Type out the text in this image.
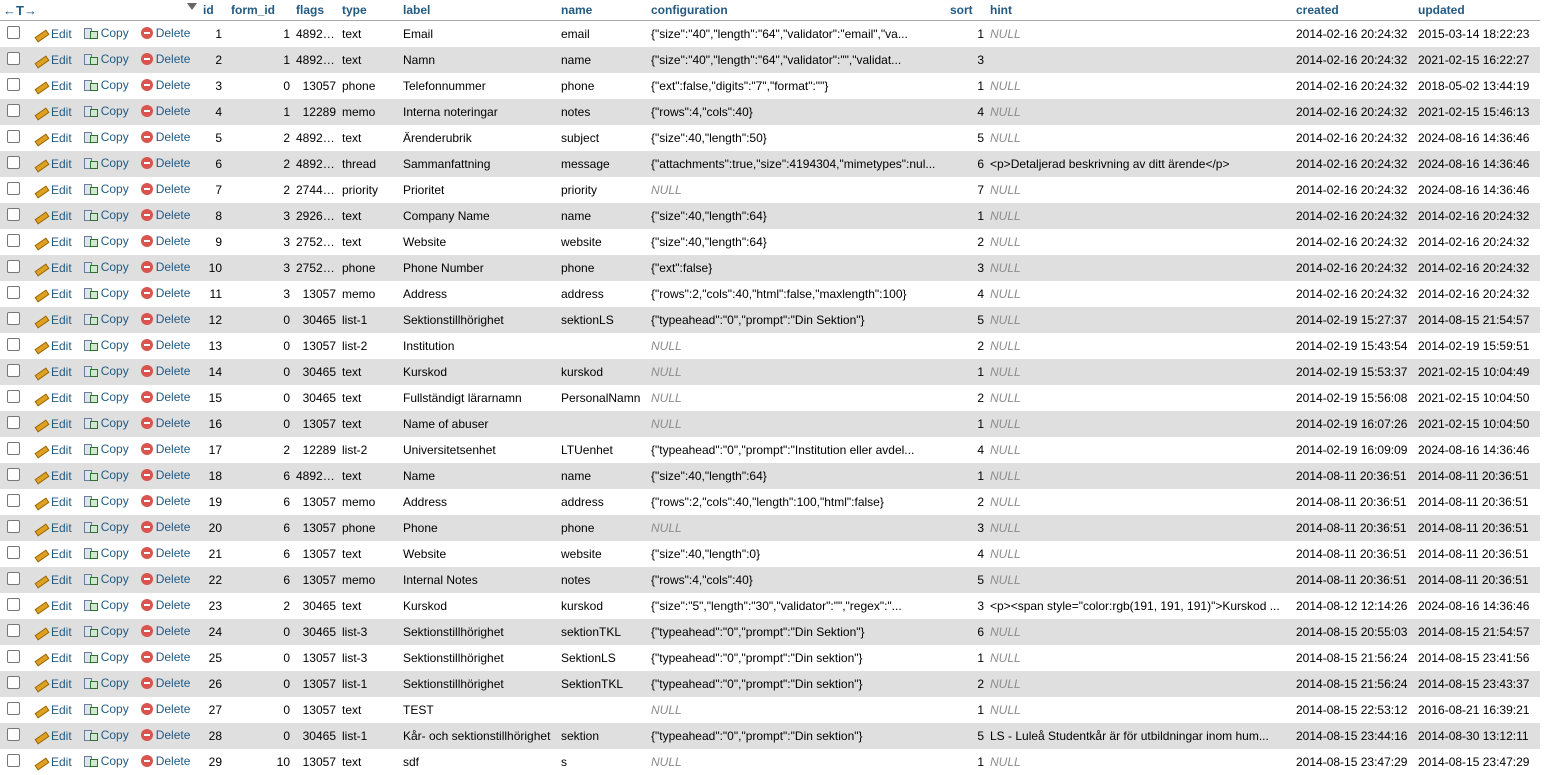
←T→	id	form_id	flags	type	label	name	configuration	sort	hint	created	updated

Edit Copy Delete	1	1	489267	text	Email	email	{"size":"40","length":"64","validator":"email","va...	1	NULL	2014-02-16 20:24:32	2015-03-14 18:22:23

Edit Copy Delete	2	1	489267	text	Namn	name	{"size":"40","length":"64","validator":"","validat...	3		2014-02-16 20:24:32	2021-02-15 16:22:27

Edit Copy Delete	3	0	13057	phone	Telefonnummer	phone	{"ext":false,"digits":"7","format":""}	1	NULL	2014-02-16 20:24:32	2018-05-02 13:44:19

Edit Copy Delete	4	1	12289	memo	Interna noteringar	notes	{"rows":4,"cols":40}	4	NULL	2014-02-16 20:24:32	2021-02-15 15:46:13

Edit Copy Delete	5	2	489265	text	Ärenderubrik	subject	{"size":40,"length":50}	5	NULL	2014-02-16 20:24:32	2024-08-16 14:36:46

Edit Copy Delete	6	2	489251	thread	Sammanfattning	message	{"attachments":true,"size":4194304,"mimetypes":nul...	6	<p>Detaljerad beskrivning av ditt ärende</p>	2014-02-16 20:24:32	2024-08-16 14:36:46

Edit Copy Delete	7	2	274465	priority	Prioritet	priority	NULL	7	NULL	2014-02-16 20:24:32	2024-08-16 14:36:46

Edit Copy Delete	8	3	292657	text	Company Name	name	{"size":40,"length":64}	1	NULL	2014-02-16 20:24:32	2014-02-16 20:24:32

Edit Copy Delete	9	3	275217	text	Website	website	{"size":40,"length":64}	2	NULL	2014-02-16 20:24:32	2014-02-16 20:24:32

Edit Copy Delete	10	3	275217	phone	Phone Number	phone	{"ext":false}	3	NULL	2014-02-16 20:24:32	2014-02-16 20:24:32

Edit Copy Delete	11	3	13057	memo	Address	address	{"rows":2,"cols":40,"html":false,"maxlength":100}	4	NULL	2014-02-16 20:24:32	2014-02-16 20:24:32

Edit Copy Delete	12	0	30465	list-1	Sektionstillhörighet	sektionLS	{"typeahead":"0","prompt":"Din Sektion"}	5	NULL	2014-02-19 15:27:37	2014-08-15 21:54:57

Edit Copy Delete	13	0	13057	list-2	Institution		NULL	2	NULL	2014-02-19 15:43:54	2014-02-19 15:59:51

Edit Copy Delete	14	0	30465	text	Kurskod	kurskod	NULL	1	NULL	2014-02-19 15:53:37	2021-02-15 10:04:49

Edit Copy Delete	15	0	30465	text	Fullständigt lärarnamn	PersonalNamn	NULL	2	NULL	2014-02-19 15:56:08	2021-02-15 10:04:50

Edit Copy Delete	16	0	13057	text	Name of abuser		NULL	1	NULL	2014-02-19 16:07:26	2021-02-15 10:04:50

Edit Copy Delete	17	2	12289	list-2	Universitetsenhet	LTUenhet	{"typeahead":"0","prompt":"Institution eller avdel...	4	NULL	2014-02-19 16:09:09	2024-08-16 14:36:46

Edit Copy Delete	18	6	489267	text	Name	name	{"size":40,"length":64}	1	NULL	2014-08-11 20:36:51	2014-08-11 20:36:51

Edit Copy Delete	19	6	13057	memo	Address	address	{"rows":2,"cols":40,"length":100,"html":false}	2	NULL	2014-08-11 20:36:51	2014-08-11 20:36:51

Edit Copy Delete	20	6	13057	phone	Phone	phone	NULL	3	NULL	2014-08-11 20:36:51	2014-08-11 20:36:51

Edit Copy Delete	21	6	13057	text	Website	website	{"size":40,"length":0}	4	NULL	2014-08-11 20:36:51	2014-08-11 20:36:51

Edit Copy Delete	22	6	13057	memo	Internal Notes	notes	{"rows":4,"cols":40}	5	NULL	2014-08-11 20:36:51	2014-08-11 20:36:51

Edit Copy Delete	23	2	30465	text	Kurskod	kurskod	{"size":"5","length":"30","validator":"","regex":"...	3	<p><span style="color:rgb(191, 191, 191)">Kurskod ...	2014-08-12 12:14:26	2024-08-16 14:36:46

Edit Copy Delete	24	0	30465	list-3	Sektionstillhörighet	sektionTKL	{"typeahead":"0","prompt":"Din Sektion"}	6	NULL	2014-08-15 20:55:03	2014-08-15 21:54:57

Edit Copy Delete	25	0	13057	list-3	Sektionstillhörighet	SektionLS	{"typeahead":"0","prompt":"Din sektion"}	1	NULL	2014-08-15 21:56:24	2014-08-15 23:41:56

Edit Copy Delete	26	0	13057	list-1	Sektionstillhörighet	SektionTKL	{"typeahead":"0","prompt":"Din sektion"}	2	NULL	2014-08-15 21:56:24	2014-08-15 23:43:37

Edit Copy Delete	27	0	13057	text	TEST		NULL	1	NULL	2014-08-15 22:53:12	2016-08-21 16:39:21

Edit Copy Delete	28	0	30465	list-1	Kår- och sektionstillhörighet	sektion	{"typeahead":"0","prompt":"Din sektion"}	5	LS - Luleå Studentkår är för utbildningar inom hum...	2014-08-15 23:44:16	2014-08-30 13:12:11

Edit Copy Delete	29	10	13057	text	sdf	s	NULL	1	NULL	2014-08-15 23:47:29	2014-08-15 23:47:29
